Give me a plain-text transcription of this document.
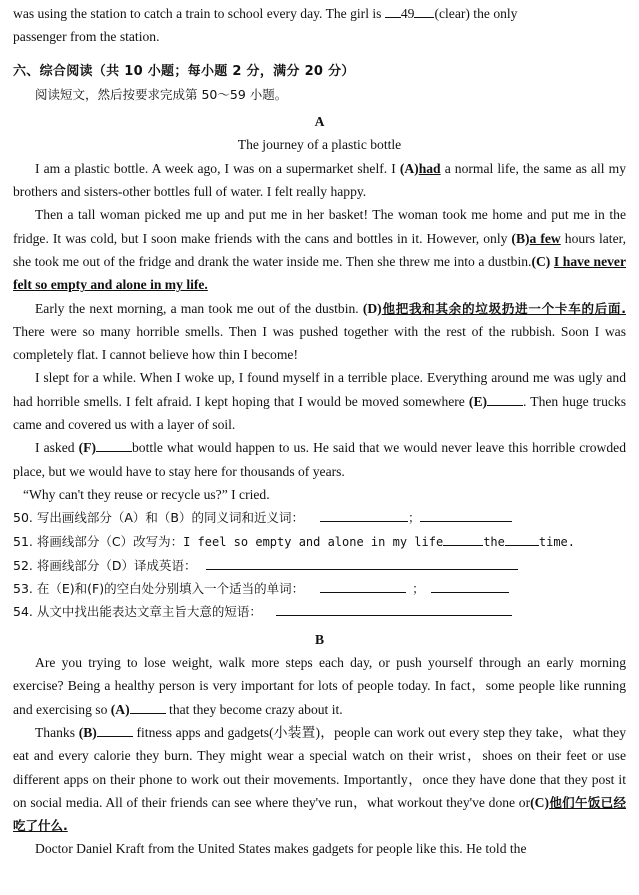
was using the station to catch a train to school every day. The girl is 49 (clear) the only

passenger from the station.

六、综合阅读（共 10 小题；每小题 2 分，满分 20 分）

阅读短文，然后按要求完成第 50～59 小题。

A

The journey of a plastic bottle

I am a plastic bottle. A week ago, I was on a supermarket shelf. I (A)had a normal life, the same as all my brothers and sisters-other bottles full of water. I felt really happy.

Then a tall woman picked me up and put me in her basket! The woman took me home and put me in the fridge. It was cold, but I soon make friends with the cans and bottles in it. However, only (B)a few hours later, she took me out of the fridge and drank the water inside me. Then she threw me into a dustbin.(C) I have never felt so empty and alone in my life.

Early the next morning, a man took me out of the dustbin. (D)他把我和其余的垃圾扔进一个卡车的后面. There were so many horrible smells. Then I was pushed together with the rest of the rubbish. Soon I was completely flat. I cannot believe how thin I become!

I slept for a while. When I woke up, I found myself in a terrible place. Everything around me was ugly and had horrible smells. I felt afraid. I kept hoping that I would be moved somewhere (E)	. Then huge trucks came and covered us with a layer of soil.

I asked (F)	bottle what would happen to us. He said that we would never leave this horrible crowded place, but we would have to stay here for thousands of years.

“Why can't they reuse or recycle us?” I cried.

50. 写出画线部分（A）和（B）的同义词和近义词：	；

51. 将画线部分（C）改写为：I feel so empty and alone in my life	the	time.

52. 将画线部分（D）译成英语：

53. 在（E)和(F)的空白处分别填入一个适当的单词：	；

54. 从文中找出能表达文章主旨大意的短语：

B

Are you trying to lose weight, walk more steps each day, or push yourself through an early morning exercise? Being a healthy person is very important for lots of people today. In fact，some people like running and exercising so (A)	that they become crazy about it.

Thanks (B)	fitness apps and gadgets(小装置)，people can work out every step they take，what they eat and every calorie they burn. They might wear a special watch on their wrist，shoes on their feet or use different apps on their phone to work out their movements. Importantly，once they have done that they post it on social media. All of their friends can see where they've run，what workout they've done or(C)他们午饭已经吃了什么.

Doctor Daniel Kraft from the United States makes gadgets for people like this. He told the
